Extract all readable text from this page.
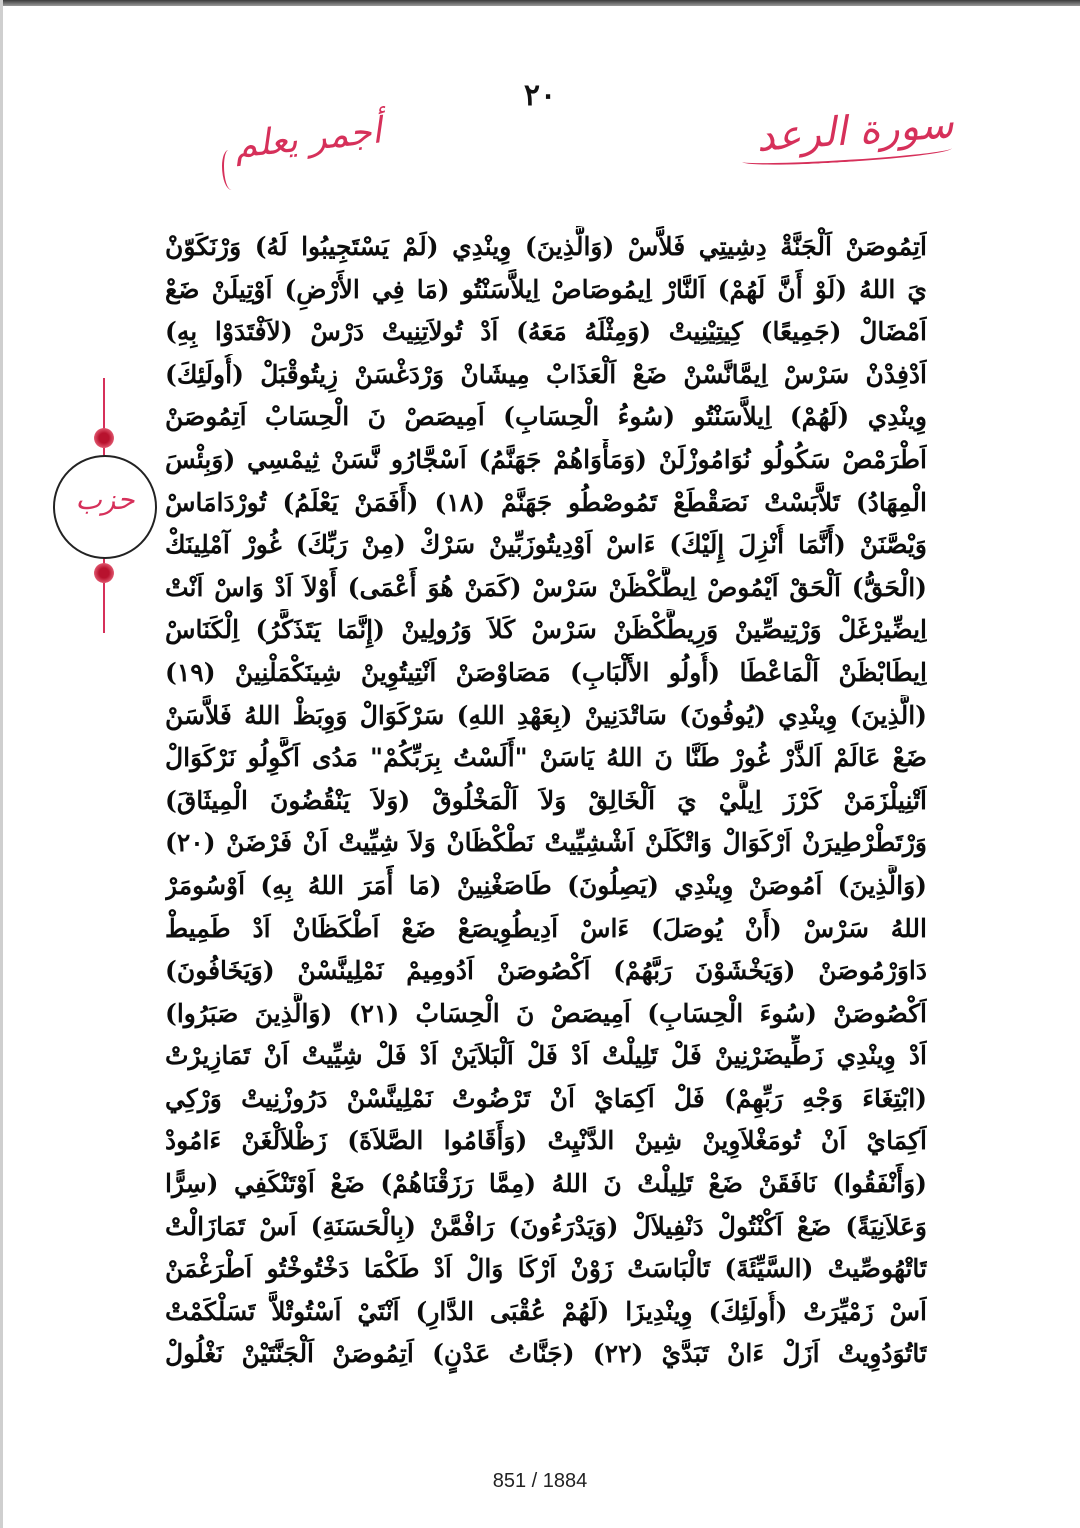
٢٠
سورة الرعد
أجمر يعلم
حزب
اَتِمُوصَنْ اَلْجَنَّةْ دِشِيتِي فَلاَّسْ (وَالَّذِينَ) وِينْدِي (لَمْ يَسْتَجِيبُوا لَهُ) وَرْنَكَوّنْ
يَ اللهُ (لَوْ أَنَّ لَهُمْ) اَلنَّارْ اِيمُوصَاصْ اِيلاَّسَنْتُو (مَا فِي الأَرْضِ) اَوْتِيلَنْ ضَعْ
اَمْضَالْ (جَمِيعًا) كِيتِيْنِيتْ (وَمِثْلَهُ مَعَهُ) اَدْ تُولاَتِنِيتْ دَرْسْ (لاَفْتَدَوْا بِهِ)
اَدْفِدْنْ سَرْسْ اِيمَّانَّسْنْ ضَعْ اَلْعَذَابْ مِيشَانْ وَرْدَغْسَنْ زِيتُوقْبَلْ (أُولَئِكَ)
وِينْدِي (لَهُمْ) اِيلاَّسَنْتُو (سُوءُ الْحِسَابِ) اَمِيصَصْ نَ الْحِسَابْ اَتِمُوصَنْ
اَطْرَمْصْ سَكُولُو نُوَامُوزْلَنْ (وَمَأْوَاهُمْ جَهَنَّمُ) اَسْجَّارُو نَّسَنْ ثِيمْسِي (وَبِئْسَ
الْمِهَادُ) تَلاَّبَسْتْ نَصَقْطَعْ تَمُوصْطُو جَهَنَّمْ (١٨) (أَفَمَنْ يَعْلَمُ) تُورْدَامَاسْ
وَيْصَّنَنْ (أَنَّمَا أُنْزِلَ إِلَيْكَ) ءَاسْ اَوْدِيتُوزَبِّينْ سَرْكْ (مِنْ رَبِّكَ) غُورْ آمْلِينَكْ
(الْحَقُّ) اَلْحَقْ اَيْمُوصْ اِيطَّكْظَنْ سَرْسْ (كَمَنْ هُوَ أَعْمَى) أَوْلاَ اَدْ وَاسْ اَنْتْ
اِيضِّيرْغَلْ وَرْتِيصِّينْ وَرِيطَّكْظَنْ سَرْسْ كَلاَ وَرُولِينْ (إِنَّمَا يَتَذَكَّرُ) اِلْكَنَاسْ
اِيطَابْظَنْ اَلْمَاعْطَا (أُولُو الأَلْبَابِ) مَصَاوْصَنْ اَنْتِيتُوِينْ شِينَكْمَلْنِينْ (١٩)
(الَّذِينَ) وِينْدِي (يُوفُونَ) سَاتْدَنِينْ (بِعَهْدِ اللهِ) سَرْكَوَالْ وَوِبَظْ اللهُ فَلاَّسَنْ
ضَعْ عَالَمْ اَلذَّرْ غُورْ طَنَّا نَ اللهُ يَاسَنْ "أَلَسْتُ بِرَبِّكُمْ" مَدُى اَكَّوِلُو نَرْكَوَالْ
اَتْنِيلْزَمَنْ كَرْزَ اِيلَّيْ يَ اَلْخَالِقْ وَلاَ اَلْمَخْلُوقْ (وَلاَ يَنْقُضُونَ الْمِيثَاقَ)
وَرْتَطْرْطِيرَنْ اَرْكَوَالْ وَاتْكَلَنْ اَشْشِيِّيتْ نَطْكْظَانْ وَلاَ شِيِّيتْ اَنْ فَرْضَنْ (٢٠)
(وَالَّذِينَ) اَمُوصَنْ وِينْدِي (يَصِلُونَ) طَاصَغْنِينْ (مَا أَمَرَ اللهُ بِهِ) اَوْسُومَرْ
اللهُ سَرْسْ (أَنْ يُوصَلَ) ءَاسْ اَدِيطُوِيصَعْ ضَعْ اَطْكَظَانْ اَدْ طَمِيطْ
دَاوَرْمُوصَنْ (وَيَخْشَوْنَ رَبَّهُمْ) اَكْصُوصَنْ اَدُومِيمْ نَمْلِينَّسْنْ (وَيَخَافُونَ)
اَكْصُوصَنْ (سُوءَ الْحِسَابِ) اَمِيصَصْ نَ الْحِسَابْ (٢١) (وَالَّذِينَ صَبَرُوا)
اَدْ وِينْدِي زَطِّيضَرْنِينْ فَلْ تَلِيلْتْ اَدْ فَلْ اَلْبَلاَيَنْ اَدْ فَلْ شِيِّيتْ اَنْ تَمَازِيرْتْ
(ابْتِغَاءَ وَجْهِ رَبِّهِمْ) فَلْ اَكِمَايْ اَنْ تَرْضُوتْ نَمْلِينَّسْنْ دَرُوزْنِيتْ وَرْكِي
اَكِمَايْ اَنْ تُومَغْلاَوِينْ شِينْ الدَّنْيِتْ (وَأَقَامُوا الصَّلاَةَ) زَظْلاَلْغَنْ ءَامُودْ
(وَأَنْفَقُوا) نَافَقَنْ ضَعْ تَلِيلْتْ نَ اللهُ (مِمَّا رَزَقْنَاهُمْ) ضَعْ اَوْتَنْكَفِي (سِرًّا
وَعَلاَنِيَةً) ضَعْ اَكْنْتُولْ دَنْفِيلاَلْ (وَيَدْرَءُونَ) رَافْمَّنْ (بِالْحَسَنَةِ) اَسْ تَمَازَالْتْ
تَاتْهُوصِّيتْ (السَّيِّئَةَ) تَالْبَاسَتْ زَوْنْ اَرْكَا وَالْ اَدْ طَكْمَا دَخْتُوخْتُو اَطْرَغْمَنْ
اَسْ زَمْيِّرَتْ (أُولَئِكَ) وِينْدِيزَا (لَهُمْ عُقْبَى الدَّارِ) اَنْتَيْ اَسْتُوتْلاَّ تَسَلْكَمْتْ
تَاتُوَدُوِيتْ اَزَلْ ءَانْ تَبَدَّيْ (٢٢) (جَنَّاتُ عَدْنٍ) اَتِمُوصَنْ اَلْجَنَّتَيْنْ نَغْلُولْ
851 / 1884
